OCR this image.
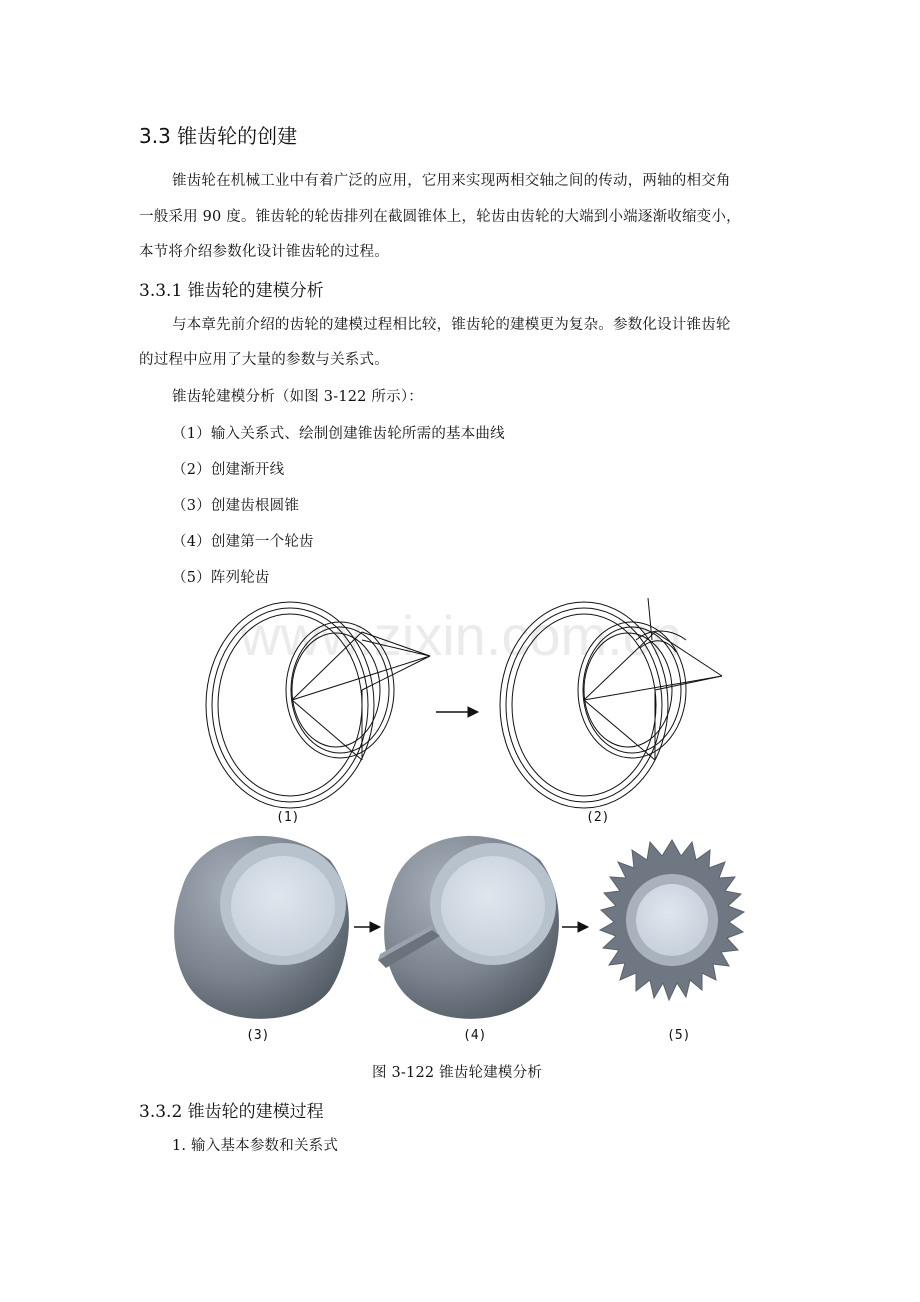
3.3 锥齿轮的创建
锥齿轮在机械工业中有着广泛的应用，它用来实现两相交轴之间的传动，两轴的相交角
一般采用 90 度。锥齿轮的轮齿排列在截圆锥体上，轮齿由齿轮的大端到小端逐渐收缩变小，
本节将介绍参数化设计锥齿轮的过程。
3.3.1 锥齿轮的建模分析
与本章先前介绍的齿轮的建模过程相比较，锥齿轮的建模更为复杂。参数化设计锥齿轮
的过程中应用了大量的参数与关系式。
锥齿轮建模分析（如图 3-122 所示）：
（1）输入关系式、绘制创建锥齿轮所需的基本曲线
（2）创建渐开线
（3）创建齿根圆锥
（4）创建第一个轮齿
（5）阵列轮齿
www.zixin.com.cn
(1)	(2)
(3)	(4)	(5)
图 3-122 锥齿轮建模分析
3.3.2 锥齿轮的建模过程
1. 输入基本参数和关系式
